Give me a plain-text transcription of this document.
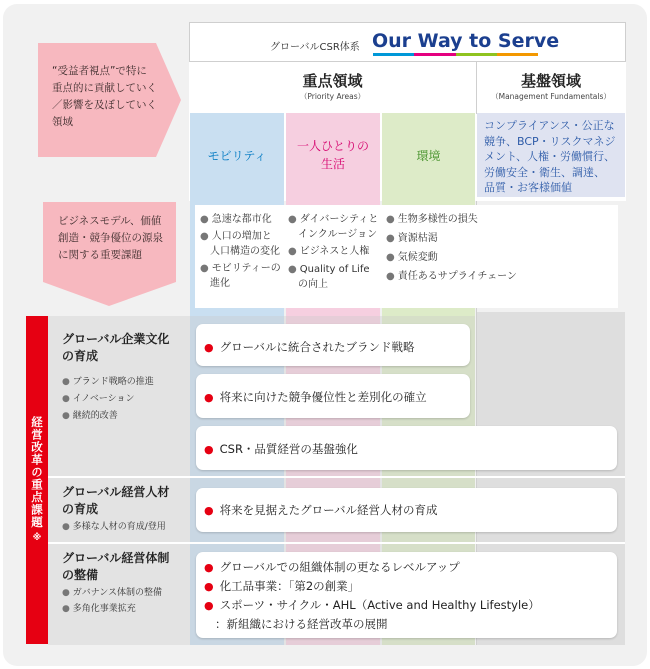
グローバルCSR体系 Our Way to Serve
重点領域
（Priority Areas）
基盤領域
（Management Fundamentals）
モビリティ
一人ひとりの
生活
環境
コンプライアンス・公正な
競争、BCP・リスクマネジ
メント、人権・労働慣行、
労働安全・衛生、調達、
品質・お客様価値
“受益者視点”で特に
重点的に貢献していく
／影響を及ぼしていく
領域
ビジネスモデル、価値
創造・競争優位の源泉
に関する重要課題
● 急速な都市化
● 人口の増加と
人口構造の変化
● モビリティーの
進化
● ダイバーシティと
インクルージョン
● ビジネスと人権
● Quality of Life
の向上
● 生物多様性の損失
● 資源枯渇
● 気候変動
● 責任あるサプライチェーン
経営改革の重点課題
※
グローバル企業文化
の育成
● ブランド戦略の推進
● イノベーション
● 継続的改善
グローバル経営人材
の育成
● 多様な人材の育成/登用
グローバル経営体制
の整備
● ガバナンス体制の整備
● 多角化事業拡充
● グローバルに統合されたブランド戦略
● 将来に向けた競争優位性と差別化の確立
● CSR・品質経営の基盤強化
● 将来を見据えたグローバル経営人材の育成
● グローバルでの組織体制の更なるレベルアップ
● 化工品事業：「第2の創業」
● スポーツ・サイクル・AHL（Active and Healthy Lifestyle）
：新組織における経営改革の展開
